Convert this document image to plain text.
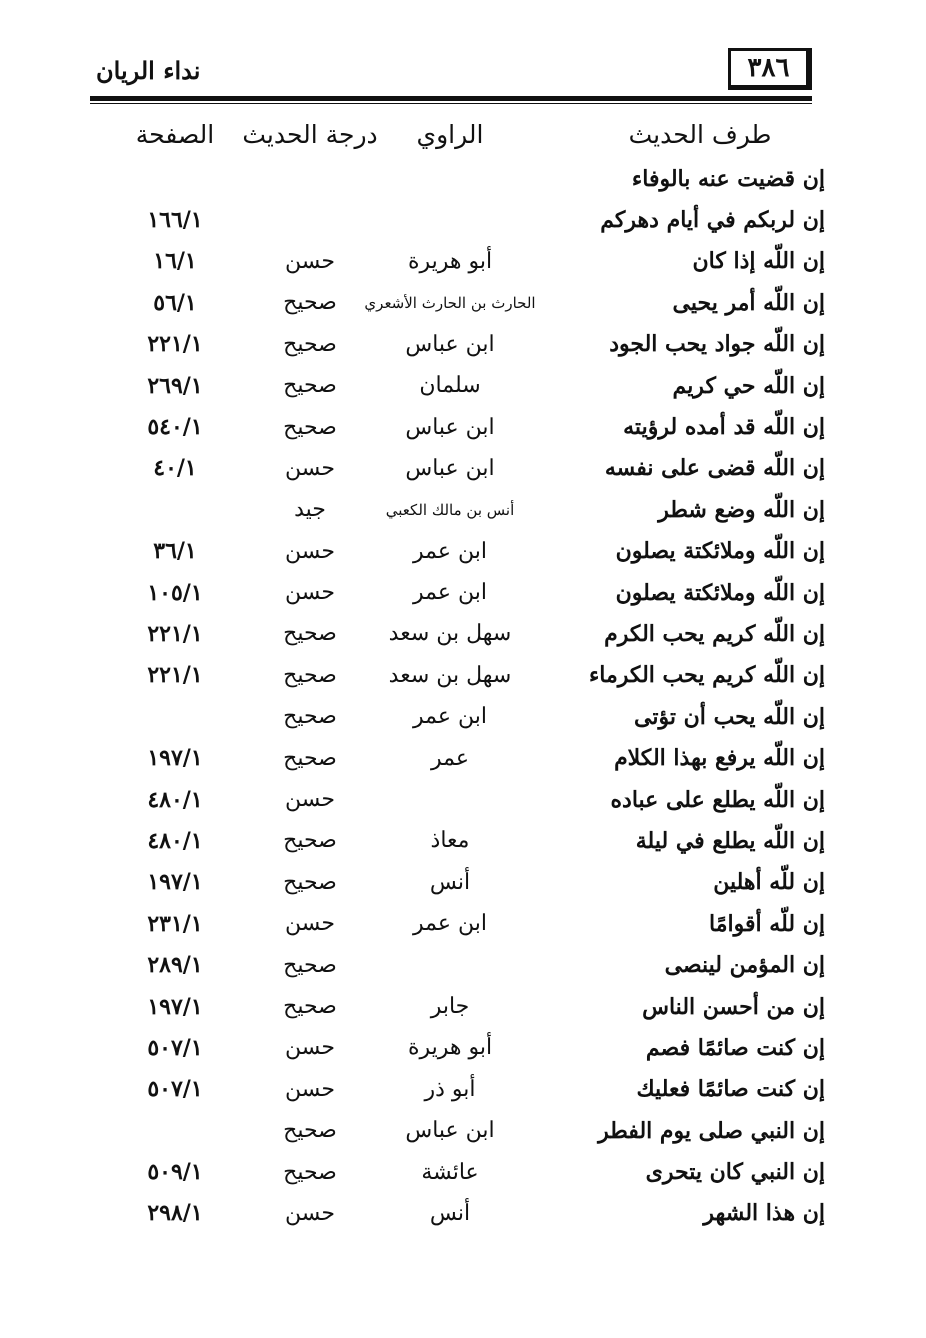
٣٨٦
نداء الريان
طرف الحديث
الراوي
درجة الحديث
الصفحة
إن قضيت عنه بالوفاء
إن لربكم في أيام دهركم
١٦٦/١
إن اللّه إذا كان
أبو هريرة
حسن
١٦/١
إن اللّه أمر يحيى
الحارث بن الحارث الأشعري
صحيح
٥٦/١
إن اللّه جواد يحب الجود
ابن عباس
صحيح
٢٢١/١
إن اللّه حي كريم
سلمان
صحيح
٢٦٩/١
إن اللّه قد أمده لرؤيته
ابن عباس
صحيح
٥٤٠/١
إن اللّه قضى على نفسه
ابن عباس
حسن
٤٠/١
إن اللّه وضع شطر
أنس بن مالك الكعبي
جيد
إن اللّه وملائكتة يصلون
ابن عمر
حسن
٣٦/١
إن اللّه وملائكتة يصلون
ابن عمر
حسن
١٠٥/١
إن اللّه كريم يحب الكرم
سهل بن سعد
صحيح
٢٢١/١
إن اللّه كريم يحب الكرماء
سهل بن سعد
صحيح
٢٢١/١
إن اللّه يحب أن تؤتى
ابن عمر
صحيح
إن اللّه يرفع بهذا الكلام
عمر
صحيح
١٩٧/١
إن اللّه يطلع على عباده
حسن
٤٨٠/١
إن اللّه يطلع في ليلة
معاذ
صحيح
٤٨٠/١
إن للّه أهلين
أنس
صحيح
١٩٧/١
إن للّه أقوامًا
ابن عمر
حسن
٢٣١/١
إن المؤمن لينصى
صحيح
٢٨٩/١
إن من أحسن الناس
جابر
صحيح
١٩٧/١
إن كنت صائمًا فصم
أبو هريرة
حسن
٥٠٧/١
إن كنت صائمًا فعليك
أبو ذر
حسن
٥٠٧/١
إن النبي صلى يوم الفطر
ابن عباس
صحيح
إن النبي كان يتحرى
عائشة
صحيح
٥٠٩/١
إن هذا الشهر
أنس
حسن
٢٩٨/١
